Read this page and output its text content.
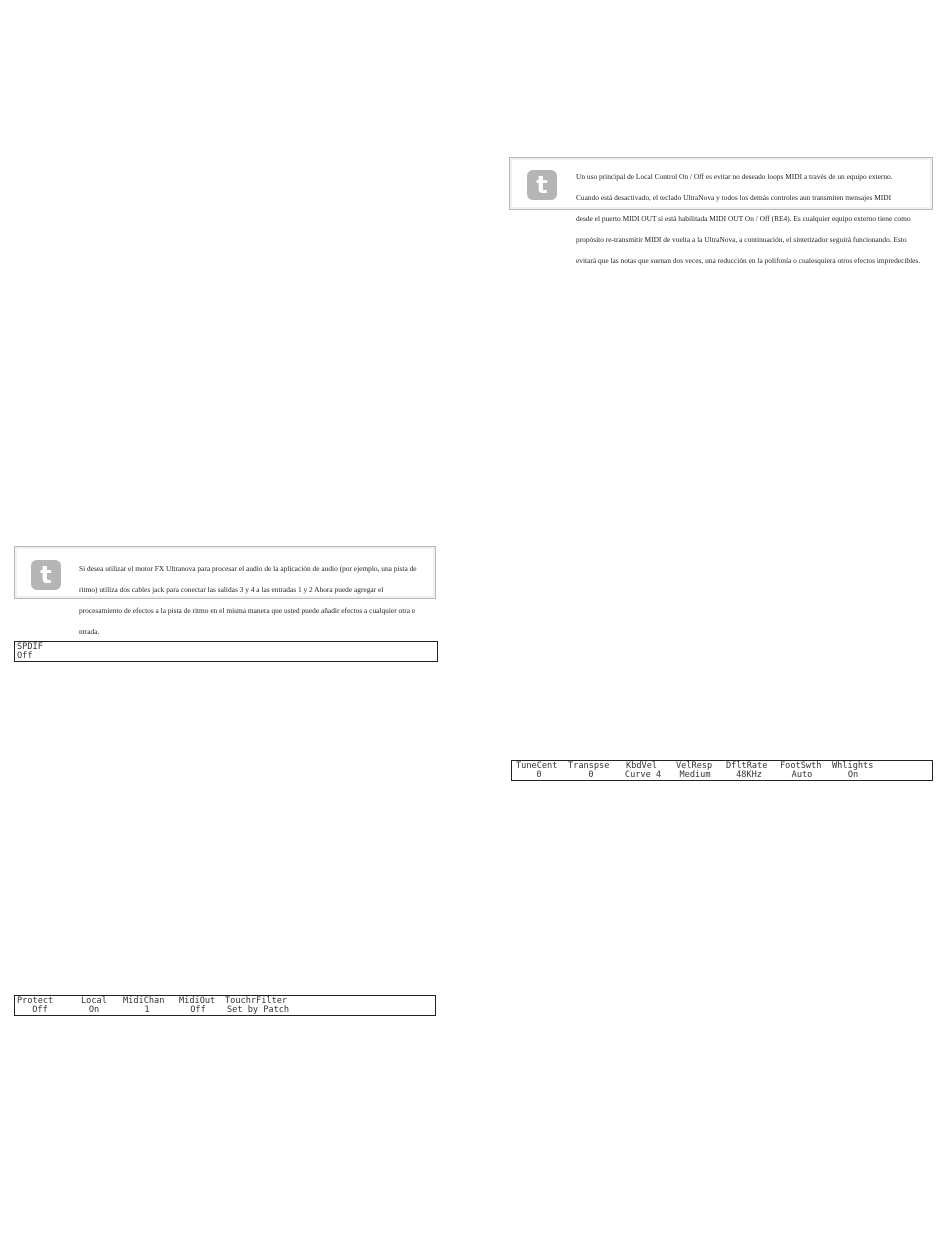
t	Un uso principal de Local Control On / Off es evitar no deseado loops MIDI a través de un equipo externo.

Cuando está desactivado, el teclado UltraNova y todos los demás controles aun transmiten mensajes MIDI

desde el puerto MIDI OUT si está habilitada MIDI OUT On / Off (RE4). Es cualquier equipo externo tiene como

propósito re-transmitir MIDI de vuelta a la UltraNova, a continuación, el sintetizador seguirá funcionando. Esto

evitará que las notas que suenan dos veces, una reducción en la polifonía o cualesquiera otros efectos impredecibles.

t	Si desea utilizar el motor FX Ultranova para procesar el audio de la aplicación de audio (por ejemplo, una pista de

ritmo) utiliza dos cables jack para conectar las salidas 3 y 4 a las entradas 1 y 2 Ahora puede agregar el

procesamiento de efectos a la pista de ritmo en el misma manera que usted puede añadir efectos a cualquier otra e

ntrada.

SPDIF
Off
TuneCent Transpse KbdVel VelResp DfltRate FootSwth Whlights
0	0	Curve 4	Medium	48KHz	Auto	On
Protect	Local MidiChan MidiOut TouchrFilter
Off	On	1	Off	Set by Patch
